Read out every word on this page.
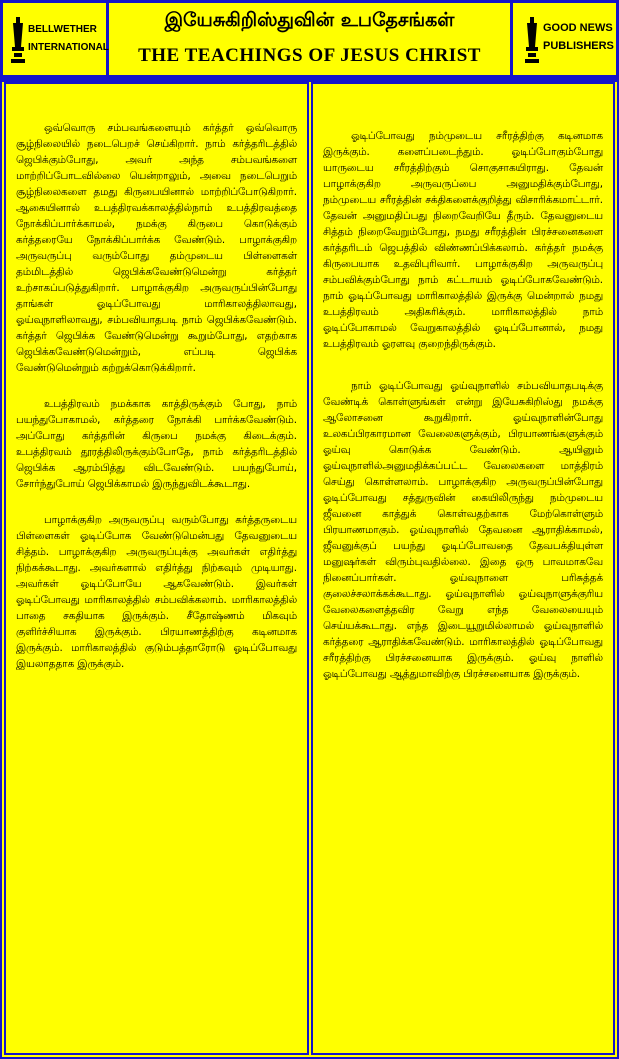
BELLWETHER
INTERNATIONAL
இயேசுகிறிஸ்துவின் உபதேசங்கள்
THE TEACHINGS OF JESUS CHRIST
GOOD NEWS
PUBLISHERS

ஒவ்வொரு சம்பவங்களையும் கர்த்தர் ஒவ்வொரு சூழ்நிலையில் நடைபெறச் செய்கிறார். நாம் கர்த்தரிடத்தில் ஜெபிக்கும்போது, அவர் அந்த சம்பவங்களை மாற்றிப்போடவில்லை யென்றாலும், அவை நடைபெறும் சூழ்நிலைகளை தமது கிருபையினால் மாற்றிப்போடுகிறார். ஆகையினால் உபத்திரவக்காலத்தில்நாம் உபத்திரவத்தை நோக்கிப்பார்க்காமல், நமக்கு கிருபை கொடுக்கும் கர்த்தரையே நோக்கிப்பார்க்க வேண்டும். பாழாக்குகிற அருவருப்பு வரும்போது தம்முடைய பிள்ளைகள் தம்மிடத்தில் ஜெபிக்கவேண்டுமென்று கர்த்தர் உற்சாகப்படுத்துகிறார். பாழாக்குகிற அருவருப்பின்போது தாங்கள் ஓடிப்போவது மாரிகாலத்திலாவது, ஓய்வுநாளிலாவது, சம்பவியாதபடி நாம் ஜெபிக்கவேண்டும். கர்த்தர் ஜெபிக்க வேண்டுமென்று கூறும்போது, எதற்காக ஜெபிக்கவேண்டுமென்றும், எப்படி ஜெபிக்க வேண்டுமென்றும் கற்றுக்கொடுக்கிறார்.

உபத்திரவம் நமக்காக காத்திருக்கும் போது, நாம் பயந்துபோகாமல், கர்த்தரை நோக்கி பார்க்கவேண்டும். அப்போது கர்த்தரின் கிருபை நமக்கு கிடைக்கும். உபத்திரவம் தூரத்திலிருக்கும்போதே, நாம் கர்த்தரிடத்தில் ஜெபிக்க ஆரம்பித்து விடவேண்டும். பயந்துபோய், சோர்ந்துபோய் ஜெபிக்காமல் இருந்துவிடக்கூடாது.

பாழாக்குகிற அருவருப்பு வரும்போது கர்த்தருடைய பிள்ளைகள் ஓடிப்போக வேண்டுமென்பது தேவனுடைய சித்தம். பாழாக்குகிற அருவருப்புக்கு அவர்கள் எதிர்த்து நிற்கக்கூடாது. அவர்களால் எதிர்த்து நிற்கவும் முடியாது. அவர்கள் ஓடிப்போயே ஆகவேண்டும். இவர்கள் ஓடிப்போவது மாரிகாலத்தில் சம்பவிக்கலாம். மாரிகாலத்தில் பாதை சகதியாக இருக்கும். சீதோஷ்ணம் மிகவும் குளிர்ச்சியாக இருக்கும். பிரயாணத்திற்கு கடினமாக இருக்கும். மாரிகாலத்தில் குடும்பத்தாரோடு ஓடிப்போவது இயலாததாக இருக்கும்.

ஓடிப்போவது நம்முடைய சரீரத்திற்கு கடினமாக இருக்கும். களைப்படைந்தும். ஓடிப்போகும்போது யாருடைய சரீரத்திற்கும் சொகுசாகயிராது. தேவன் பாழாக்குகிற அருவருப்பை அனுமதிக்கும்போது, நம்முடைய சரீரத்தின் சக்திகளைக்குறித்து விசாரிக்கமாட்டார். தேவன் அனுமதிப்பது நிறைவேறியே தீரும். தேவனுடைய சித்தம் நிறைவேறும்போது, நமது சரீரத்தின் பிரச்சனைகளை கர்த்தரிடம் ஜெபத்தில் விண்ணப்பிக்கலாம். கர்த்தர் நமக்கு கிருபையாக உதவிபுரிவார். பாழாக்குகிற அருவருப்பு சம்பவிக்கும்போது நாம் கட்டாயம் ஓடிப்போகவேண்டும். நாம் ஓடிப்போவது மாரிகாலத்தில் இருக்கு மென்றால் நமது உபத்திரவம் அதிகரிக்கும். மாரிகாலத்தில் நாம் ஓடிப்போகாமல் வேறுகாலத்தில் ஓடிப்போனால், நமது உபத்திரவம் ஓரளவு குறைந்திருக்கும்.

நாம் ஓடிப்போவது ஓய்வுநாளில் சம்பவியாதபடிக்கு வேண்டிக் கொள்ளுங்கள் என்று இயேசுகிறிஸ்து நமக்கு ஆலோசனை கூறுகிறார். ஓய்வுநாளின்போது உலகப்பிரகாரமான வேலைகளுக்கும், பிரயாணங்களுக்கும் ஓய்வு கொடுக்க வேண்டும். ஆயினும் ஓய்வுநாளில்அனுமதிக்கப்பட்ட வேலைகளை மாத்திரம் செய்து கொள்ளலாம். பாழாக்குகிற அருவருப்பின்போது ஓடிப்போவது சத்துருவின் கையிலிருந்து நம்முடைய ஜீவனை காத்துக் கொள்வதற்காக மேற்கொள்ளும் பிரயாணமாகும். ஓய்வுநாளில் தேவனை ஆராதிக்காமல், ஜீவனுக்குப் பயந்து ஓடிப்போவதை தேவபக்தியுள்ள மனுஷர்கள் விரும்புவதில்லை. இதை ஒரு பாவமாகவே நினைப்பார்கள். ஓய்வுநாளை பரிசுத்தக் குலைச்சலாக்கக்கூடாது. ஓய்வுநாளில் ஓய்வுநாளுக்குரிய வேலைகளைத்தவிர வேறு எந்த வேலையையும் செய்யக்கூடாது. எந்த இடையூறுமில்லாமல் ஓய்வுநாளில் கர்த்தரை ஆராதிக்கவேண்டும். மாரிகாலத்தில் ஓடிப்போவது சரீரத்திற்கு பிரச்சனையாக இருக்கும். ஓய்வு நாளில் ஓடிப்போவது ஆத்துமாவிற்கு பிரச்சனையாக இருக்கும்.
